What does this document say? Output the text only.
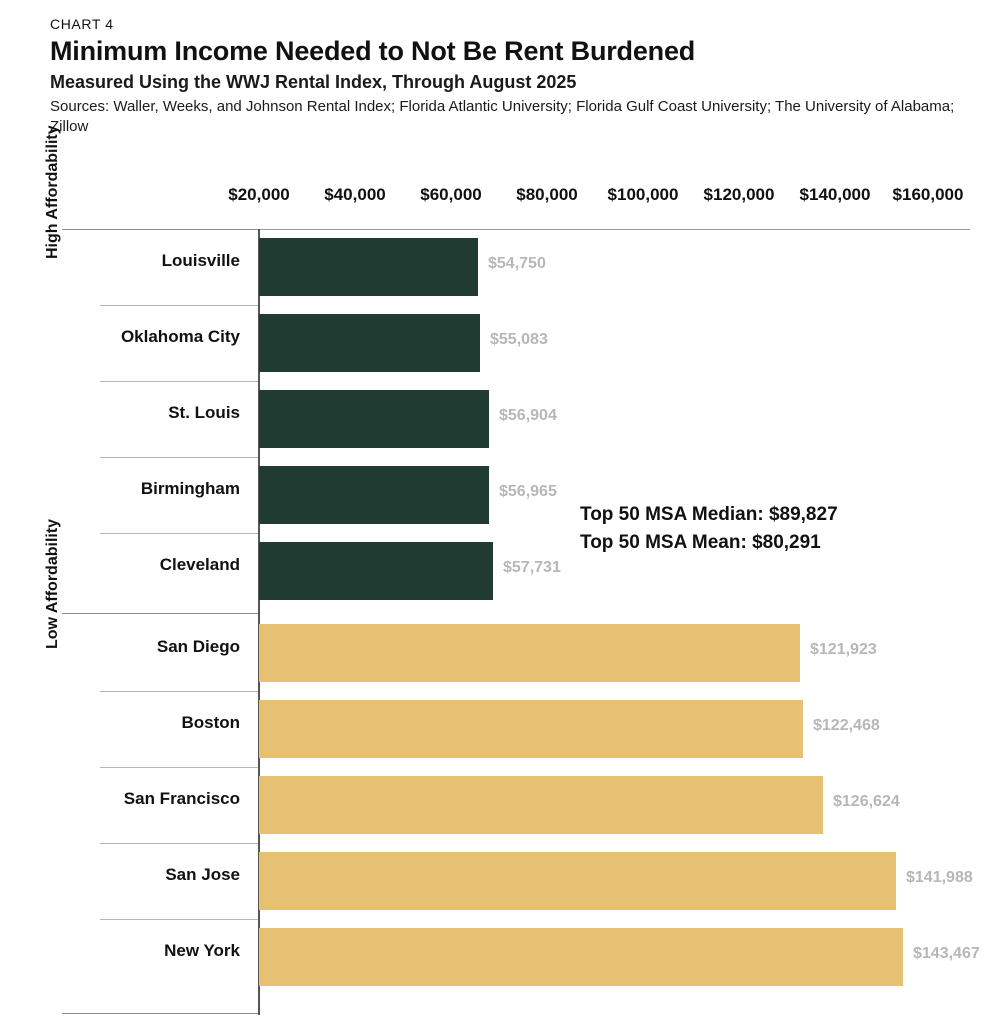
CHART 4
Minimum Income Needed to Not Be Rent Burdened
Measured Using the WWJ Rental Index, Through August 2025
Sources: Waller, Weeks, and Johnson Rental Index; Florida Atlantic University; Florida Gulf Coast University; The University of Alabama; Zillow
$20,000 $40,000 $60,000 $80,000 $100,000 $120,000 $140,000 $160,000
High Affordability
Low Affordability
Louisville	$54,750
Oklahoma City	$55,083
St. Louis	$56,904
Birmingham	$56,965
Cleveland	$57,731
San Diego	$121,923
Boston	$122,468
San Francisco	$126,624
San Jose	$141,988
New York	$143,467
Top 50 MSA Median: $89,827
Top 50 MSA Mean: $80,291
